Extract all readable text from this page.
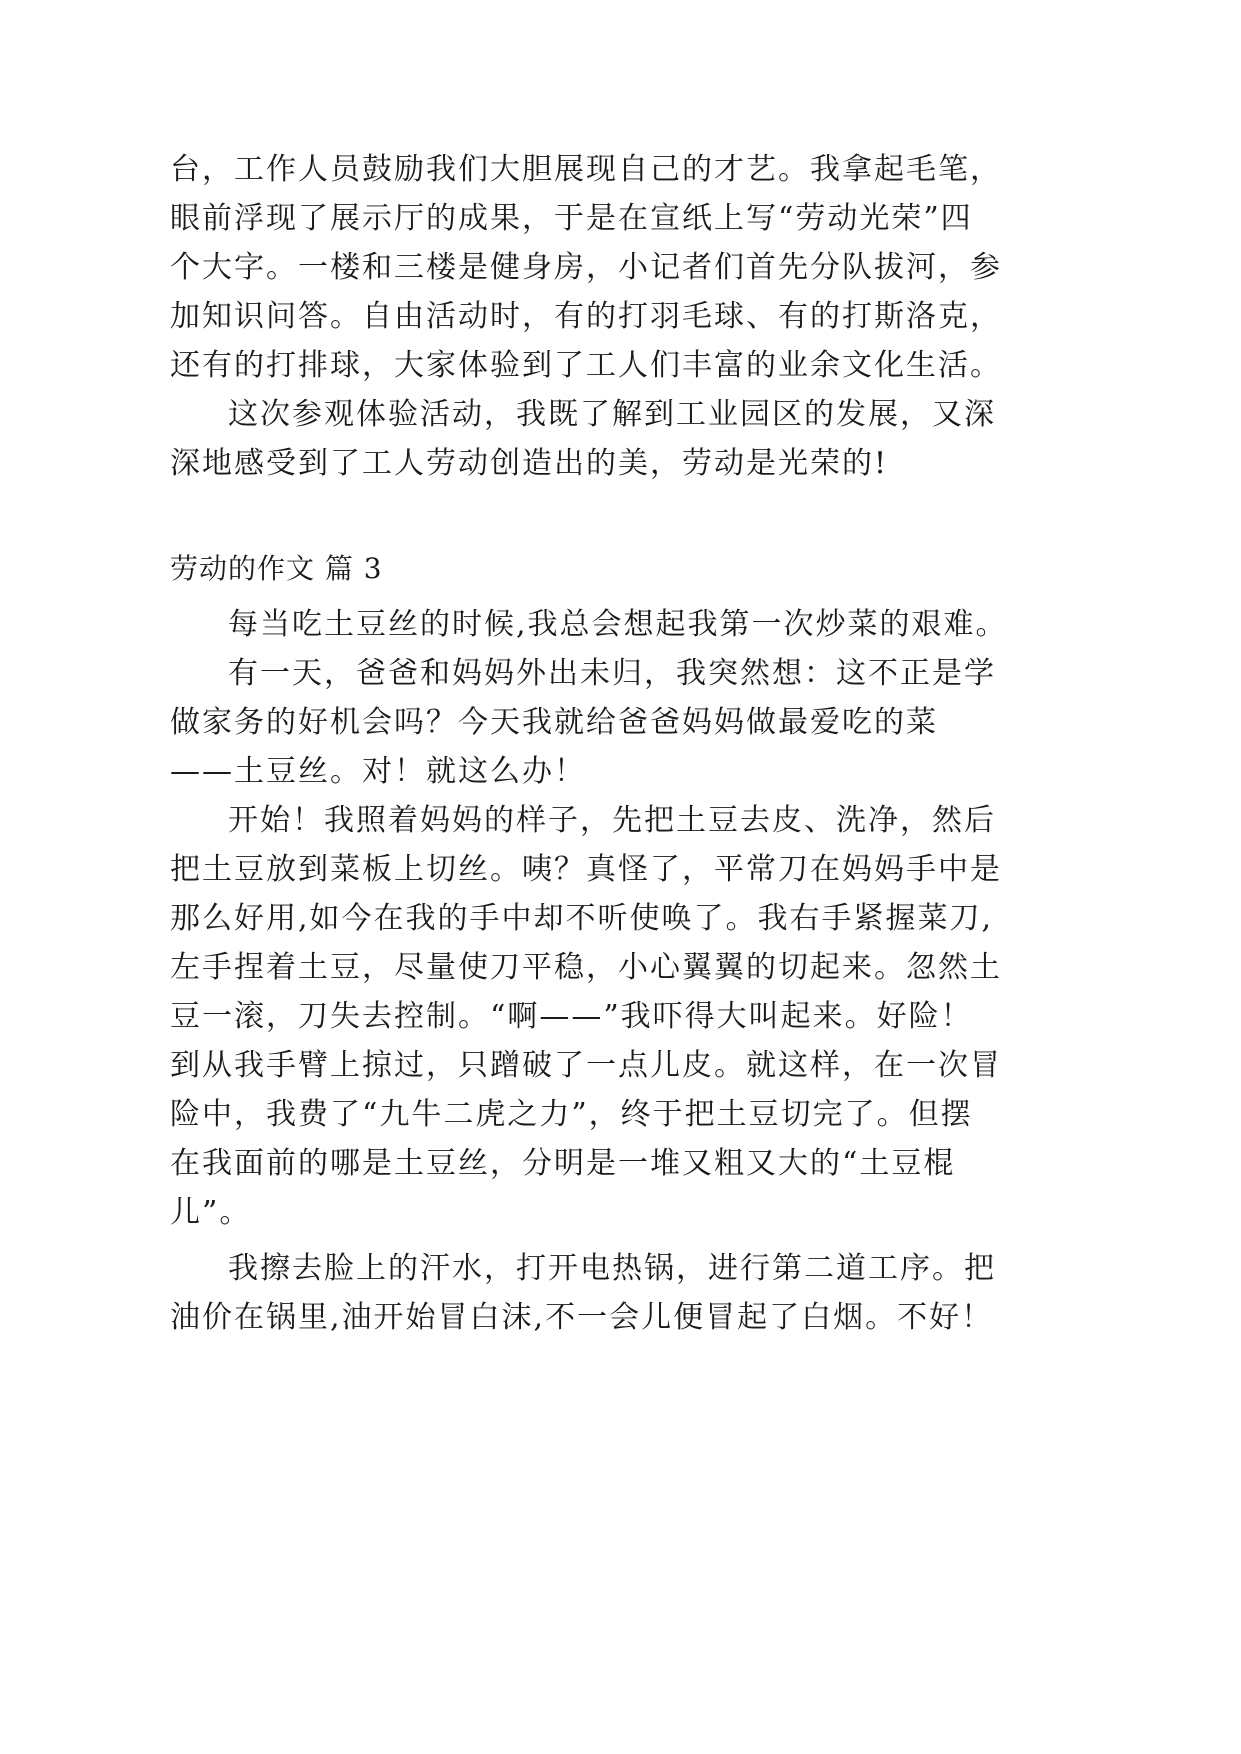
台，工作人员鼓励我们大胆展现自己的才艺。我拿起毛笔，
眼前浮现了展示厅的成果，于是在宣纸上写“劳动光荣”四
个大字。一楼和三楼是健身房，小记者们首先分队拔河，参
加知识问答。自由活动时，有的打羽毛球、有的打斯洛克，
还有的打排球，大家体验到了工人们丰富的业余文化生活。
这次参观体验活动，我既了解到工业园区的发展，又深
深地感受到了工人劳动创造出的美，劳动是光荣的!
劳动的作文 篇 3
每当吃土豆丝的时候,我总会想起我第一次炒菜的艰难。
有一天，爸爸和妈妈外出未归，我突然想：这不正是学
做家务的好机会吗？今天我就给爸爸妈妈做最爱吃的菜
——土豆丝。对！就这么办！
开始！我照着妈妈的样子，先把土豆去皮、洗净，然后
把土豆放到菜板上切丝。咦？真怪了，平常刀在妈妈手中是
那么好用,如今在我的手中却不听使唤了。我右手紧握菜刀,
左手捏着土豆，尽量使刀平稳，小心翼翼的切起来。忽然土
豆一滚，刀失去控制。“啊——”我吓得大叫起来。好险！
到从我手臂上掠过，只蹭破了一点儿皮。就这样，在一次冒
险中，我费了“九牛二虎之力”，终于把土豆切完了。但摆
在我面前的哪是土豆丝，分明是一堆又粗又大的“土豆棍
儿”。
我擦去脸上的汗水，打开电热锅，进行第二道工序。把
油价在锅里,油开始冒白沫,不一会儿便冒起了白烟。不好！
